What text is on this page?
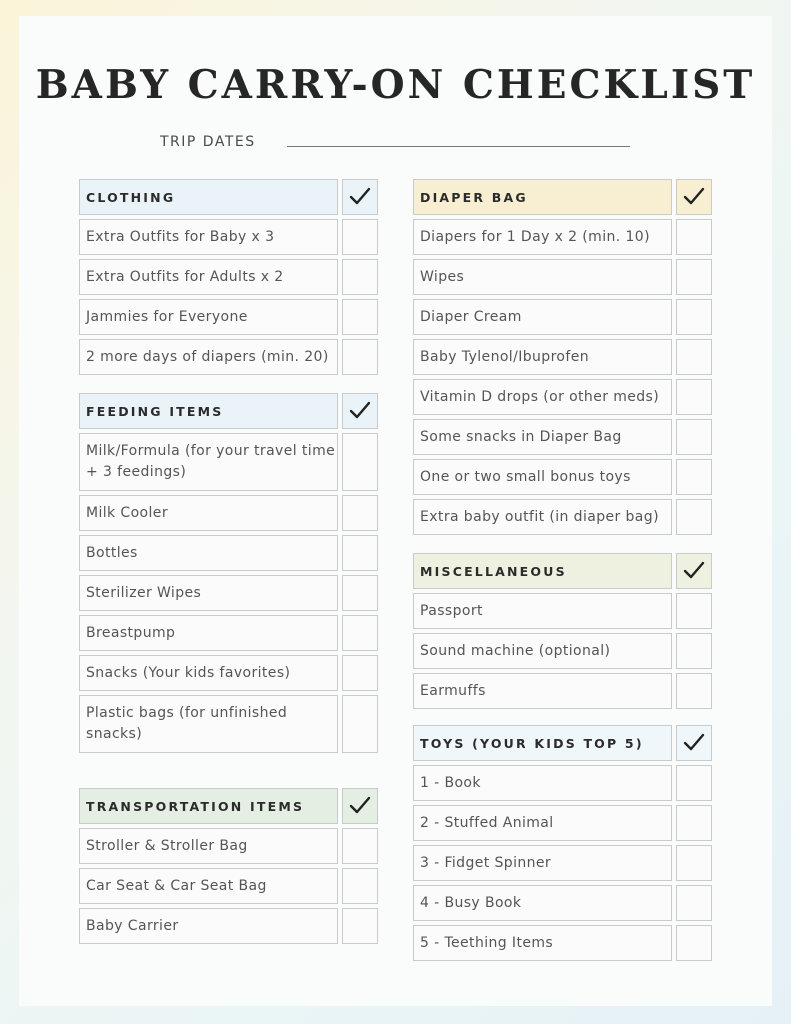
BABY CARRY-ON CHECKLIST
TRIP DATES
CLOTHING
Extra Outfits for Baby x 3
Extra Outfits for Adults x 2
Jammies for Everyone
2 more days of diapers (min. 20)
FEEDING ITEMS
Milk/Formula (for your travel time + 3 feedings)
Milk Cooler
Bottles
Sterilizer Wipes
Breastpump
Snacks (Your kids favorites)
Plastic bags (for unfinished snacks)
TRANSPORTATION ITEMS
Stroller & Stroller Bag
Car Seat & Car Seat Bag
Baby Carrier
DIAPER BAG
Diapers for 1 Day x 2 (min. 10)
Wipes
Diaper Cream
Baby Tylenol/Ibuprofen
Vitamin D drops (or other meds)
Some snacks in Diaper Bag
One or two small bonus toys
Extra baby outfit (in diaper bag)
MISCELLANEOUS
Passport
Sound machine (optional)
Earmuffs
TOYS (YOUR KIDS TOP 5)
1 - Book
2 - Stuffed Animal
3 - Fidget Spinner
4 - Busy Book
5 - Teething Items
